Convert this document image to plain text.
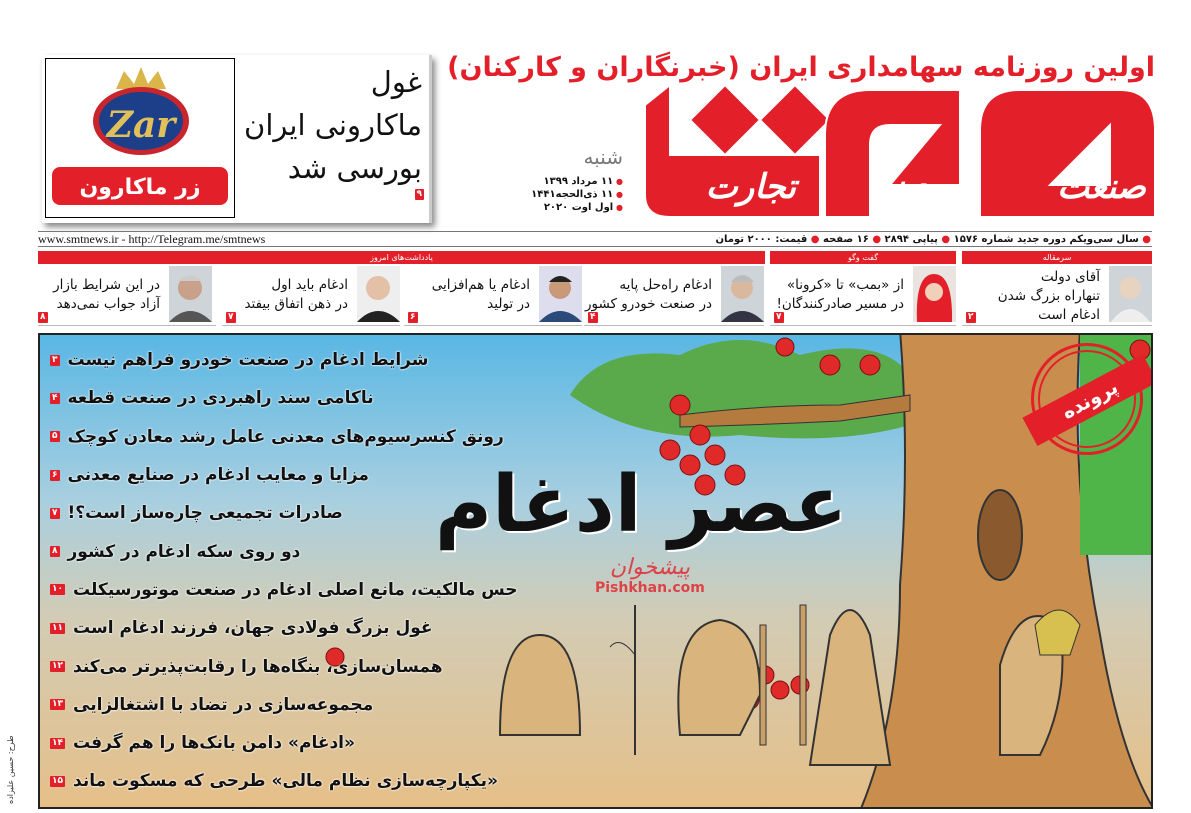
اولین روزنامه سهامداری ایران (خبرنگاران و کارکنان)
صنعت
معدن
تجارت
شنبه
● ۱۱ مرداد ۱۳۹۹
● ۱۱ ذی‌الحجه۱۴۴۱
● اول اوت ۲۰۲۰
Zar
زر ماکارون
غول
ماکارونی ایران
بورسی شد
۹
● سال سی‌ویکم دوره جدید شماره ۱۵۷۶ ● پیاپی ۲۸۹۴ ● ۱۶ صفحه ● قیمت: ۲۰۰۰ تومان
www.smtnews.ir - http://Telegram.me/smtnews
سرمقاله
گفت وگو
یادداشت‌های امروز
آقای دولت
تنهاراه بزرگ شدن
ادغام است
۲
از «بمب» تا «کرونا»
در مسیر صادرکنندگان!
۷
ادغام راه‌حل پایه
در صنعت خودرو کشور
۴
ادغام یا هم‌افزایی
در تولید
۶
ادغام باید اول
در ذهن اتفاق بیفتد
۷
در این شرایط بازار
آزاد جواب نمی‌دهد
۸
۳ شرایط ادغام در صنعت خودرو فراهم نیست
۴ ناکامی سند راهبردی در صنعت قطعه
۵ رونق کنسرسیوم‌های معدنی عامل رشد معادن کوچک
۶ مزایا و معایب ادغام در صنایع معدنی
۷ صادرات تجمیعی چاره‌ساز است؟!
۸ دو روی سکه ادغام در کشور
۱۰ حس مالکیت، مانع اصلی ادغام در صنعت موتورسیکلت
۱۱ غول بزرگ فولادی جهان، فرزند ادغام است
۱۲ همسان‌سازی، بنگاه‌ها را رقابت‌پذیرتر می‌کند
۱۳ مجموعه‌سازی در تضاد با اشتغالزایی
۱۴ «ادغام» دامن بانک‌ها را هم گرفت
۱۵ «یکپارچه‌سازی نظام مالی» طرحی که مسکوت ماند
عصر ادغام
پیشخوان
Pishkhan.com
پرونده
طرح: حسین علیزاده
